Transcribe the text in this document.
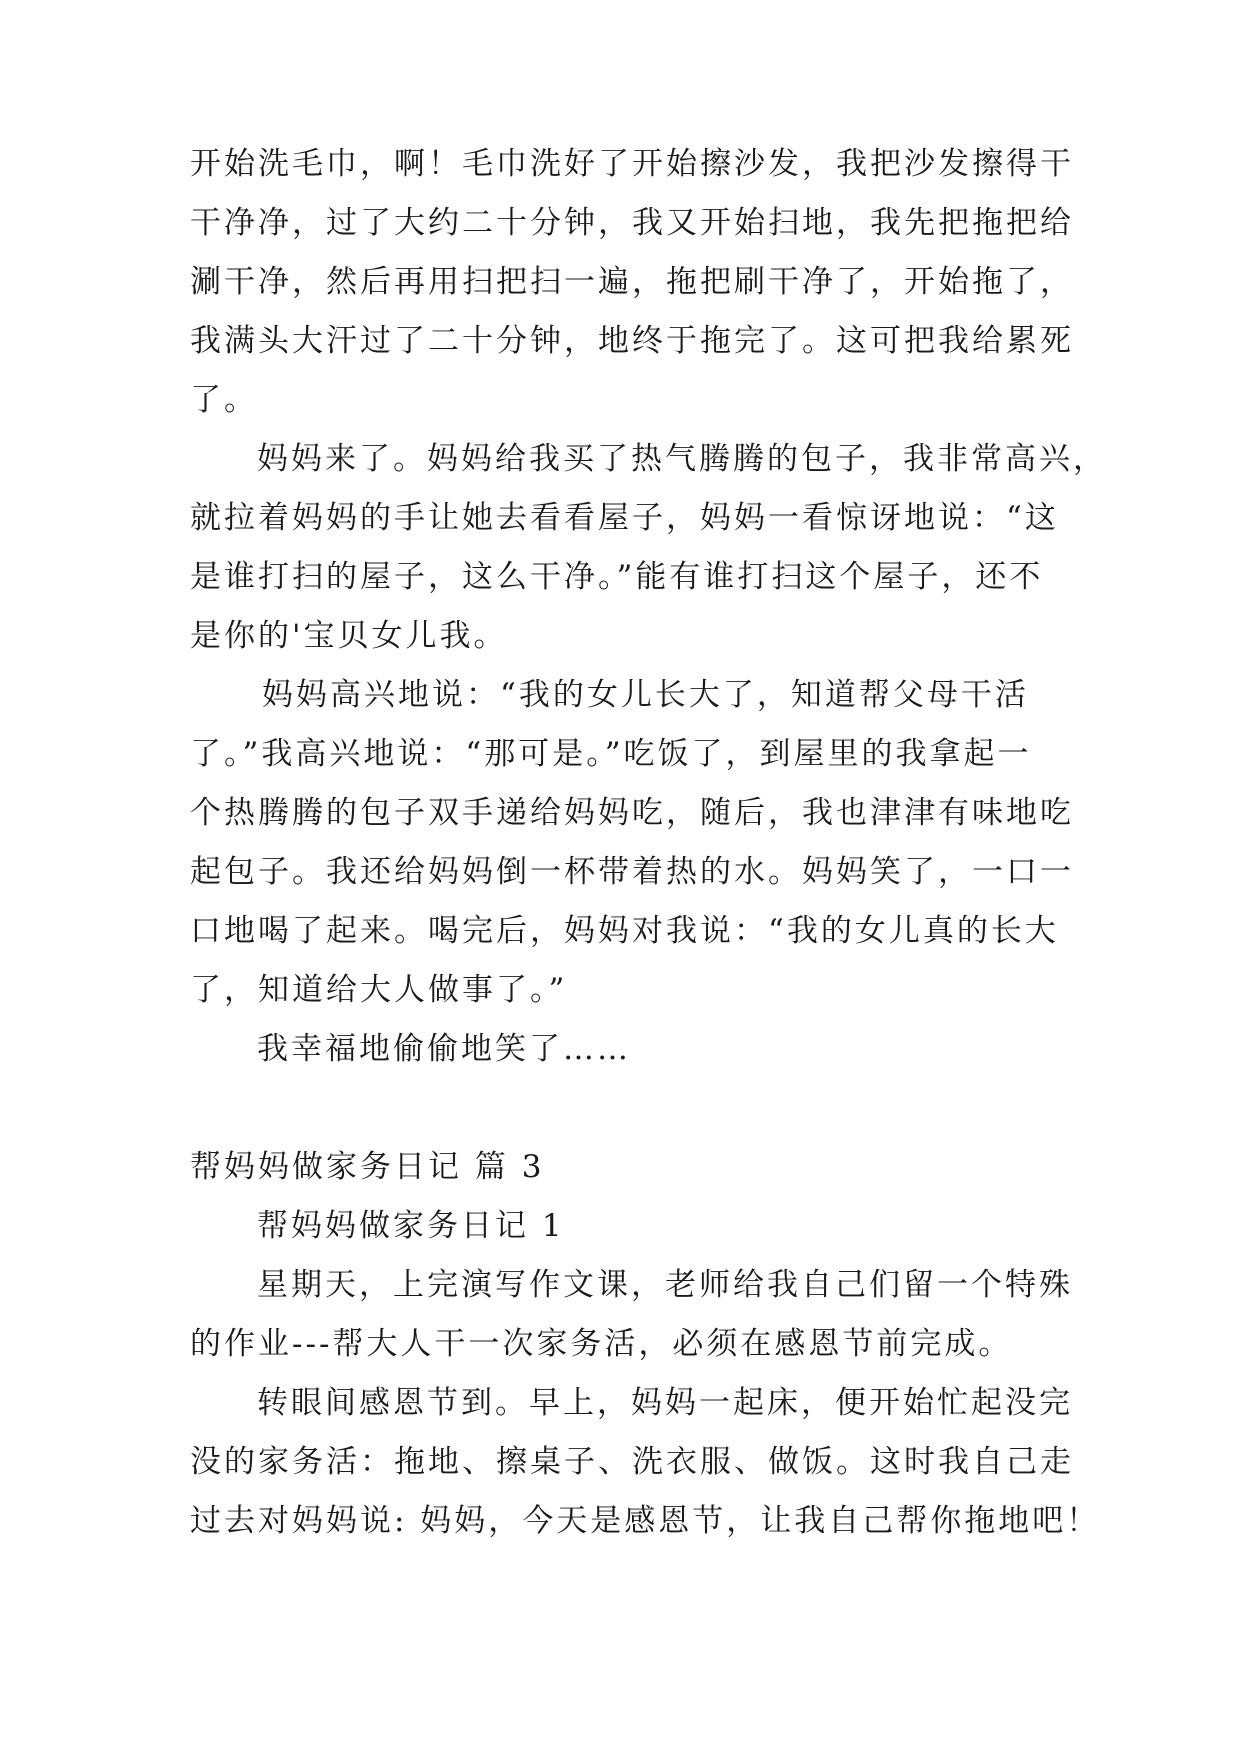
开始洗毛巾，啊！毛巾洗好了开始擦沙发，我把沙发擦得干

干净净，过了大约二十分钟，我又开始扫地，我先把拖把给

涮干净，然后再用扫把扫一遍，拖把刷干净了，开始拖了，

我满头大汗过了二十分钟，地终于拖完了。这可把我给累死

了。

妈妈来了。妈妈给我买了热气腾腾的包子，我非常高兴，

就拉着妈妈的手让她去看看屋子，妈妈一看惊讶地说：“这

是谁打扫的屋子，这么干净。”能有谁打扫这个屋子，还不

是你的'宝贝女儿我。

妈妈高兴地说：“我的女儿长大了，知道帮父母干活

了。”我高兴地说：“那可是。”吃饭了，到屋里的我拿起一

个热腾腾的包子双手递给妈妈吃，随后，我也津津有味地吃

起包子。我还给妈妈倒一杯带着热的水。妈妈笑了，一口一

口地喝了起来。喝完后，妈妈对我说：“我的女儿真的长大

了，知道给大人做事了。”

我幸福地偷偷地笑了……

帮妈妈做家务日记 篇 3

帮妈妈做家务日记 1

星期天，上完演写作文课，老师给我自己们留一个特殊

的作业---帮大人干一次家务活，必须在感恩节前完成。

转眼间感恩节到。早上，妈妈一起床，便开始忙起没完

没的家务活：拖地、擦桌子、洗衣服、做饭。这时我自己走

过去对妈妈说: 妈妈，今天是感恩节，让我自己帮你拖地吧！
